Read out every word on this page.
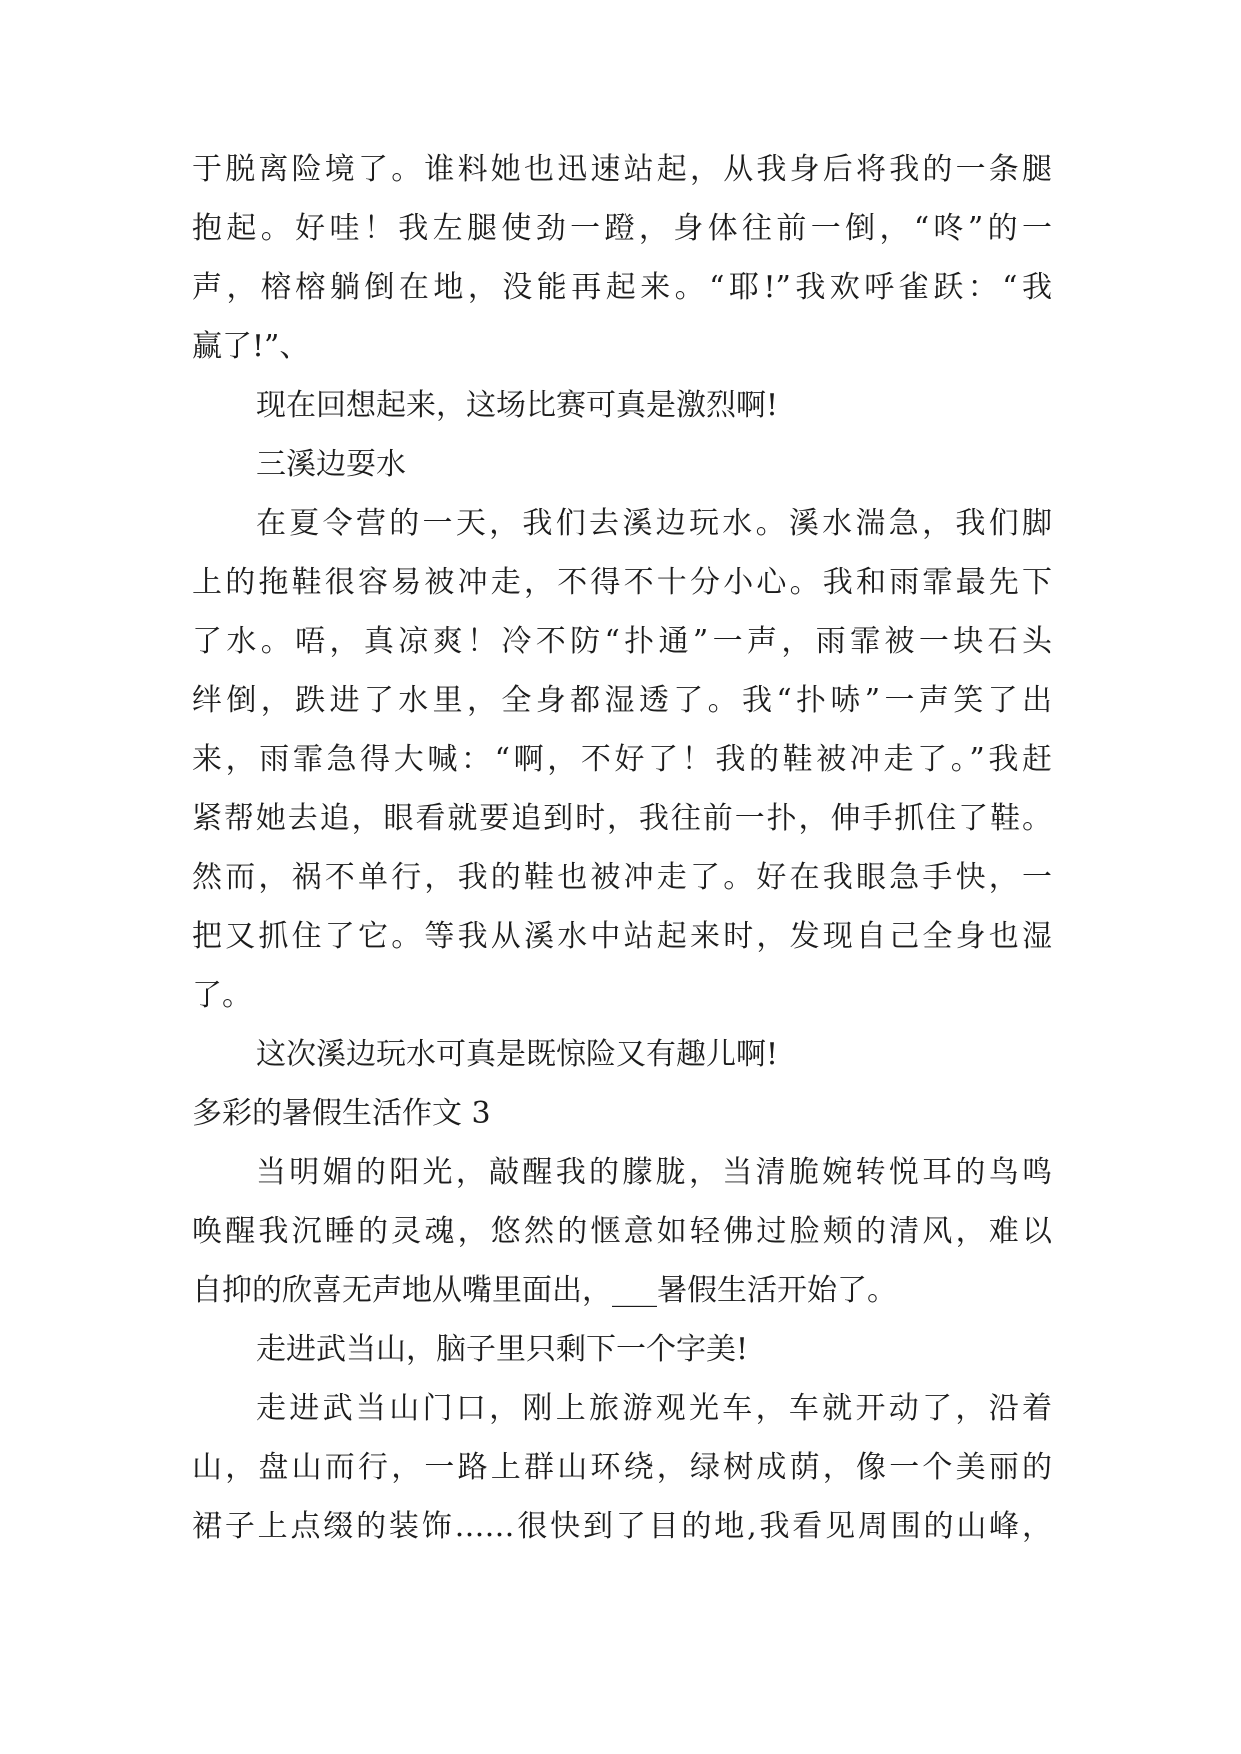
于脱离险境了。谁料她也迅速站起，从我身后将我的一条腿
抱起。好哇！我左腿使劲一蹬，身体往前一倒，“咚”的一
声，榕榕躺倒在地，没能再起来。“耶!”我欢呼雀跃：“我
赢了!”、
现在回想起来，这场比赛可真是激烈啊!
三溪边耍水
在夏令营的一天，我们去溪边玩水。溪水湍急，我们脚
上的拖鞋很容易被冲走，不得不十分小心。我和雨霏最先下
了水。唔，真凉爽！冷不防“扑通”一声，雨霏被一块石头
绊倒，跌进了水里，全身都湿透了。我“扑哧”一声笑了出
来，雨霏急得大喊：“啊，不好了！我的鞋被冲走了。”我赶
紧帮她去追，眼看就要追到时，我往前一扑，伸手抓住了鞋。
然而，祸不单行，我的鞋也被冲走了。好在我眼急手快，一
把又抓住了它。等我从溪水中站起来时，发现自己全身也湿
了。
这次溪边玩水可真是既惊险又有趣儿啊!
多彩的暑假生活作文 3
当明媚的阳光，敲醒我的朦胧，当清脆婉转悦耳的鸟鸣
唤醒我沉睡的灵魂，悠然的惬意如轻佛过脸颊的清风，难以
自抑的欣喜无声地从嘴里面出，___暑假生活开始了。
走进武当山，脑子里只剩下一个字美!
走进武当山门口，刚上旅游观光车，车就开动了，沿着
山，盘山而行，一路上群山环绕，绿树成荫，像一个美丽的
裙子上点缀的装饰……很快到了目的地,我看见周围的山峰，
